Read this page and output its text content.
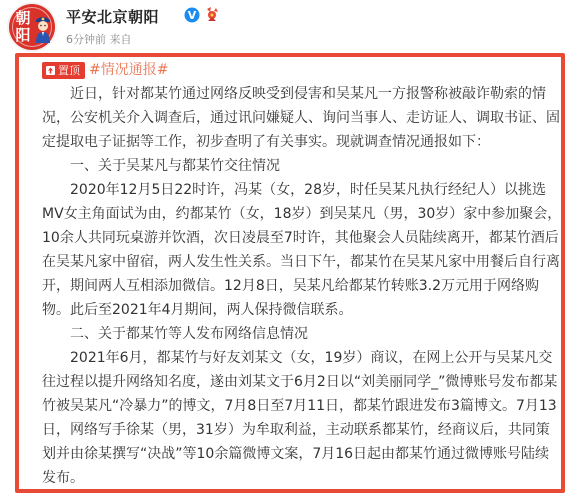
朝
阳
平安北京朝阳	V
6分钟前 来自
置顶 #情况通报#

近日，针对都某竹通过网络反映受到侵害和吴某凡一方报警称被敲诈勒索的情况，公安机关介入调查后，通过讯问嫌疑人、询问当事人、走访证人、调取书证、固定提取电子证据等工作，初步查明了有关事实。现就调查情况通报如下：

一、关于吴某凡与都某竹交往情况

2020年12月5日22时许，冯某（女，28岁，时任吴某凡执行经纪人）以挑选MV女主角面试为由，约都某竹（女，18岁）到吴某凡（男，30岁）家中参加聚会，10余人共同玩桌游并饮酒，次日凌晨至7时许，其他聚会人员陆续离开，都某竹酒后在吴某凡家中留宿，两人发生性关系。当日下午，都某竹在吴某凡家中用餐后自行离开，期间两人互相添加微信。12月8日，吴某凡给都某竹转账3.2万元用于网络购物。此后至2021年4月期间，两人保持微信联系。

二、关于都某竹等人发布网络信息情况

2021年6月，都某竹与好友刘某文（女，19岁）商议，在网上公开与吴某凡交往过程以提升网络知名度，遂由刘某文于6月2日以“刘美丽同学_”微博账号发布都某竹被吴某凡“冷暴力”的博文，7月8日至7月11日，都某竹跟进发布3篇博文。7月13日，网络写手徐某（男，31岁）为牟取利益，主动联系都某竹，经商议后，共同策划并由徐某撰写“决战”等10余篇微博文案，7月16日起由都某竹通过微博账号陆续发布。
